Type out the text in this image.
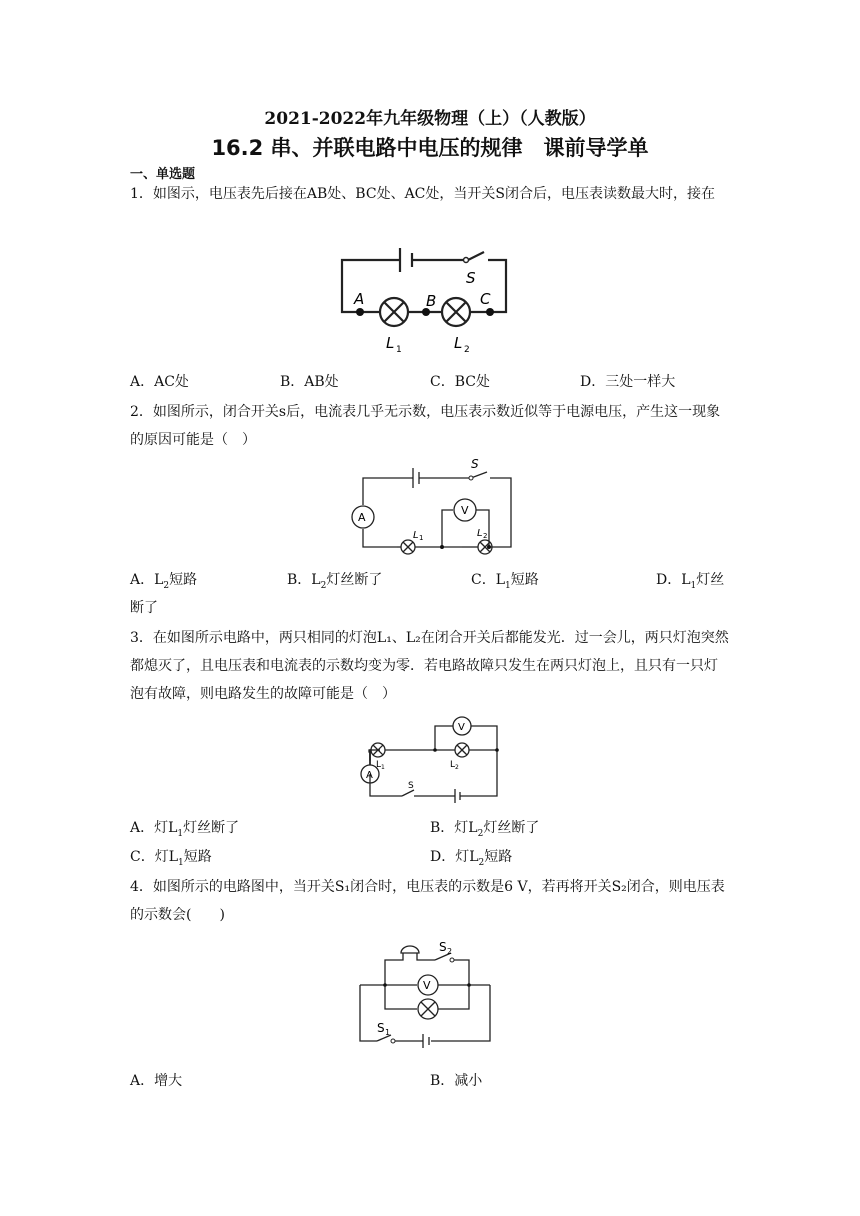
2021-2022年九年级物理（上）（人教版）
16.2 串、并联电路中电压的规律　课前导学单
一、单选题
1．如图示，电压表先后接在AB处、BC处、AC处，当开关S闭合后，电压表读数最大时，接在
A	B	C
S
L 1	L 2
A．AC处	B．AB处	C．BC处	D．三处一样大
2．如图所示，闭合开关s后，电流表几乎无示数，电压表示数近似等于电源电压，产生这一现象的原因可能是（　）
A
V
S
L 1	L 2
A．$L_2$短路	B．$L_2$灯丝断了	C．$L_1$短路	D．$L_1$灯丝
断了
3．在如图所示电路中，两只相同的灯泡L₁、L₂在闭合开关后都能发光．过一会儿，两只灯泡突然都熄灭了，且电压表和电流表的示数均变为零．若电路故障只发生在两只灯泡上，且只有一只灯泡有故障，则电路发生的故障可能是（　）
A
V
S
L 1	L 2
A．灯$L_1$灯丝断了	B．灯$L_2$灯丝断了
C．灯$L_1$短路	D．灯$L_2$短路
4．如图所示的电路图中，当开关S₁闭合时，电压表的示数是6 V，若再将开关S₂闭合，则电压表的示数会(　　)
V
S 2
S 1
A．增大	B．减小
